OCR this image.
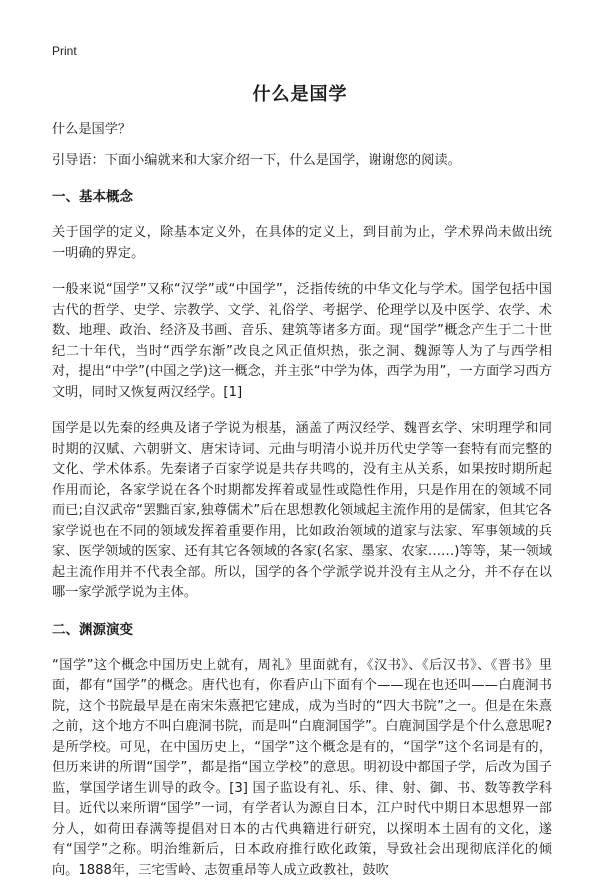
Print
什么是国学

什么是国学？

引导语：下面小编就来和大家介绍一下，什么是国学，谢谢您的阅读。

一、基本概念

关于国学的定义，除基本定义外，在具体的定义上，到目前为止，学术界尚未做出统一明确的界定。

一般来说“国学”又称“汉学”或“中国学”，泛指传统的中华文化与学术。国学包括中国古代的哲学、史学、宗教学、文学、礼俗学、考据学、伦理学以及中医学、农学、术数、地理、政治、经济及书画、音乐、建筑等诸多方面。现“国学”概念产生于二十世纪二十年代，当时“西学东渐”改良之风正值炽热，张之洞、魏源等人为了与西学相对，提出“中学”(中国之学)这一概念，并主张“中学为体，西学为用”，一方面学习西方文明，同时又恢复两汉经学。[1]

国学是以先秦的经典及诸子学说为根基，涵盖了两汉经学、魏晋玄学、宋明理学和同时期的汉赋、六朝骈文、唐宋诗词、元曲与明清小说并历代史学等一套特有而完整的文化、学术体系。先秦诸子百家学说是共存共鸣的，没有主从关系，如果按时期所起作用而论，各家学说在各个时期都发挥着或显性或隐性作用，只是作用在的领域不同而已;自汉武帝“罢黜百家,独尊儒术”后在思想教化领域起主流作用的是儒家，但其它各家学说也在不同的领域发挥着重要作用，比如政治领域的道家与法家、军事领域的兵家、医学领域的医家、还有其它各领域的各家(名家、墨家、农家……)等等，某一领域起主流作用并不代表全部。所以，国学的各个学派学说并没有主从之分，并不存在以哪一家学派学说为主体。

二、渊源演变

“国学”这个概念中国历史上就有，周礼》里面就有，《汉书》、《后汉书》、《晋书》里面，都有“国学”的概念。唐代也有，你看庐山下面有个——现在也还叫——白鹿洞书院，这个书院最早是在南宋朱熹把它建成，成为当时的“四大书院”之一。但是在朱熹之前，这个地方不叫白鹿洞书院，而是叫“白鹿洞国学”。白鹿洞国学是个什么意思呢?是所学校。可见，在中国历史上，“国学”这个概念是有的，“国学”这个名词是有的，但历来讲的所谓“国学”，都是指“国立学校”的意思。明初设中都国子学，后改为国子监，掌国学诸生训导的政令。[3] 国子监设有礼、乐、律、射、御、书、数等教学科目。近代以来所谓“国学”一词，有学者认为源自日本，江户时代中期日本思想界一部分人，如荷田春满等提倡对日本的古代典籍进行研究，以探明本土固有的文化，遂有“国学”之称。明治维新后，日本政府推行欧化政策，导致社会出现彻底洋化的倾向。1888年，三宅雪岭、志贺重昂等人成立政教社，鼓吹
